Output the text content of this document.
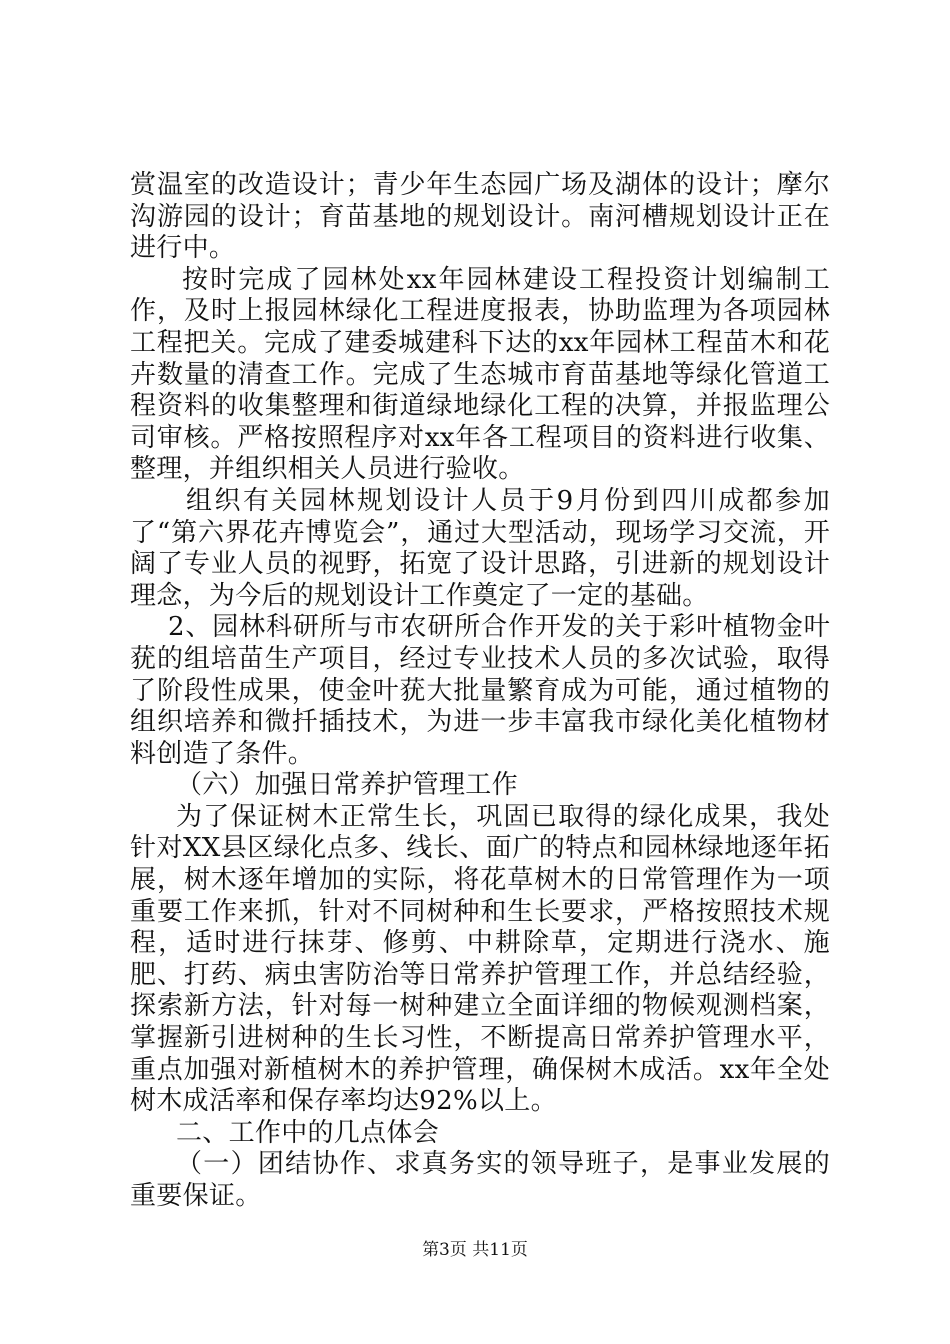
赏温室的改造设计；青少年生态园广场及湖体的设计；摩尔沟游园的设计；育苗基地的规划设计。南河槽规划设计正在进行中。

按时完成了园林处xx年园林建设工程投资计划编制工作，及时上报园林绿化工程进度报表，协助监理为各项园林工程把关。完成了建委城建科下达的xx年园林工程苗木和花卉数量的清查工作。完成了生态城市育苗基地等绿化管道工程资料的收集整理和街道绿地绿化工程的决算，并报监理公司审核。严格按照程序对xx年各工程项目的资料进行收集、整理，并组织相关人员进行验收。

组织有关园林规划设计人员于9月份到四川成都参加了“第六界花卉博览会”，通过大型活动，现场学习交流，开阔了专业人员的视野，拓宽了设计思路，引进新的规划设计理念，为今后的规划设计工作奠定了一定的基础。

2、园林科研所与市农研所合作开发的关于彩叶植物金叶莸的组培苗生产项目，经过专业技术人员的多次试验，取得了阶段性成果，使金叶莸大批量繁育成为可能，通过植物的组织培养和微扦插技术，为进一步丰富我市绿化美化植物材料创造了条件。

（六）加强日常养护管理工作

为了保证树木正常生长，巩固已取得的绿化成果，我处针对XX县区绿化点多、线长、面广的特点和园林绿地逐年拓展，树木逐年增加的实际，将花草树木的日常管理作为一项重要工作来抓，针对不同树种和生长要求，严格按照技术规程，适时进行抹芽、修剪、中耕除草，定期进行浇水、施肥、打药、病虫害防治等日常养护管理工作，并总结经验，探索新方法，针对每一树种建立全面详细的物候观测档案，掌握新引进树种的生长习性，不断提高日常养护管理水平，重点加强对新植树木的养护管理，确保树木成活。xx年全处树木成活率和保存率均达92%以上。

二、工作中的几点体会

（一）团结协作、求真务实的领导班子，是事业发展的重要保证。

第3页 共11页
